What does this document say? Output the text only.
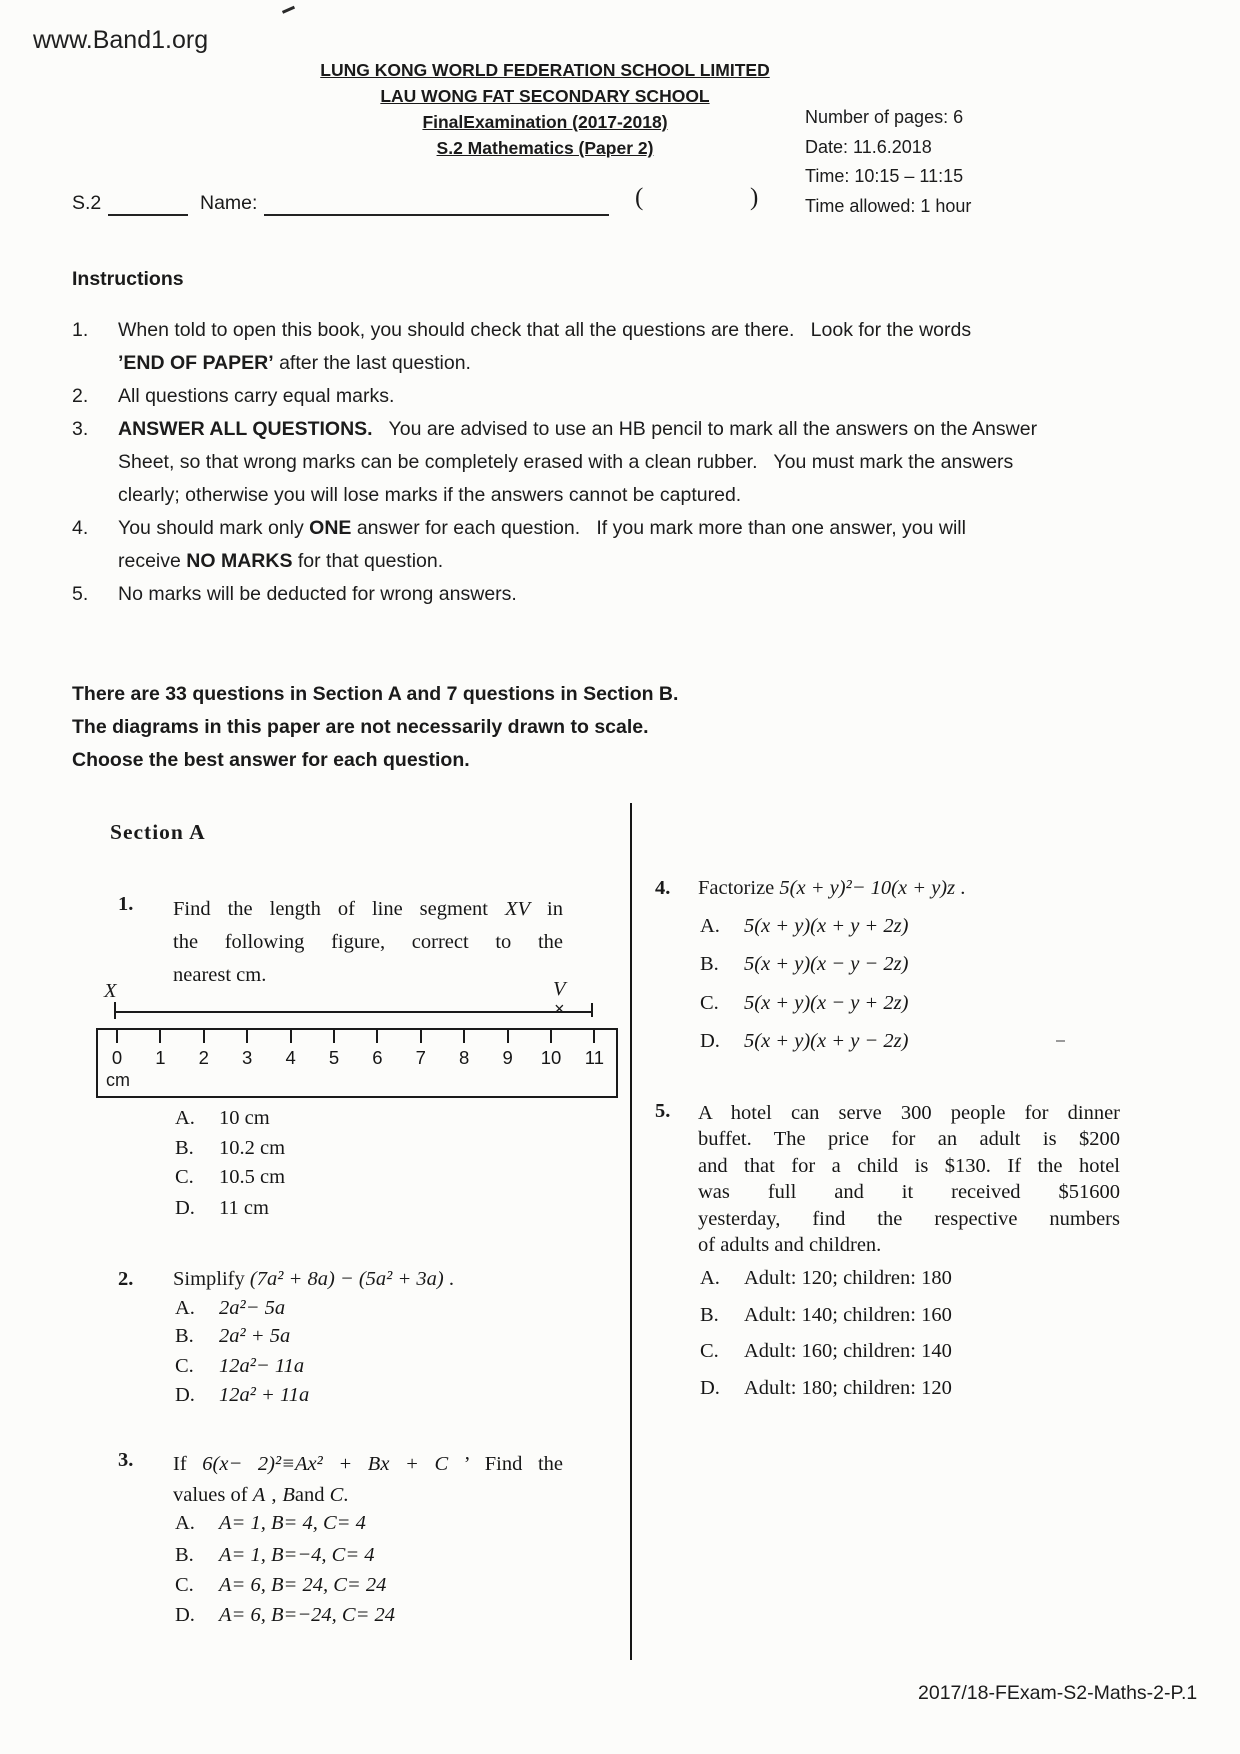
www.Band1.org
LUNG KONG WORLD FEDERATION SCHOOL LIMITED
LAU WONG FAT SECONDARY SCHOOL
FinalExamination (2017-2018)
S.2 Mathematics (Paper 2)
Number of pages: 6
Date: 11.6.2018
Time: 10:15 – 11:15
Time allowed: 1 hour
S.2	Name:	(	)
Instructions
1. When told to open this book, you should check that all the questions are there.   Look for the words
’END OF PAPER’ after the last question.
2. All questions carry equal marks.
3. ANSWER ALL QUESTIONS.   You are advised to use an HB pencil to mark all the answers on the Answer
Sheet, so that wrong marks can be completely erased with a clean rubber.   You must mark the answers
clearly; otherwise you will lose marks if the answers cannot be captured.
4. You should mark only ONE answer for each question.   If you mark more than one answer, you will
receive NO MARKS for that question.
5. No marks will be deducted for wrong answers.
There are 33 questions in Section A and 7 questions in Section B.
The diagrams in this paper are not necessarily drawn to scale.
Choose the best answer for each question.
Section A
1. Find the length of line segment XV in
the following figure, correct to the
nearest cm.
X	V
×
cm
0	1	2	3	4	5	6	7	8	9	10	11
A.	10 cm
B.	10.2 cm
C.	10.5 cm
D.	11 cm
2. Simplify (7a² + 8a) − (5a² + 3a) .
A.	2a²− 5a
B.	2a² + 5a
C.	12a²− 11a
D.	12a² + 11a
3. If 6(x− 2)²≡Ax² + Bx + C ’ Find the
values of A ‚ Band C.
A.	A= 1, B= 4, C= 4
B.	A= 1, B=−4, C= 4
C.	A= 6, B= 24, C= 24
D.	A= 6, B=−24, C= 24
4. Factorize 5(x + y)²− 10(x + y)z .
A.	5(x + y)(x + y + 2z)
B.	5(x + y)(x − y − 2z)
C.	5(x + y)(x − y + 2z)
D.	5(x + y)(x + y − 2z)
5. A hotel can serve 300 people for dinner
buffet. The price for an adult is $200
and that for a child is $130. If the hotel
was full and it received $51600
yesterday, find the respective numbers
of adults and children.
A.	Adult: 120; children: 180
B.	Adult: 140; children: 160
C.	Adult: 160; children: 140
D.	Adult: 180; children: 120
2017/18-FExam-S2-Maths-2-P.1
